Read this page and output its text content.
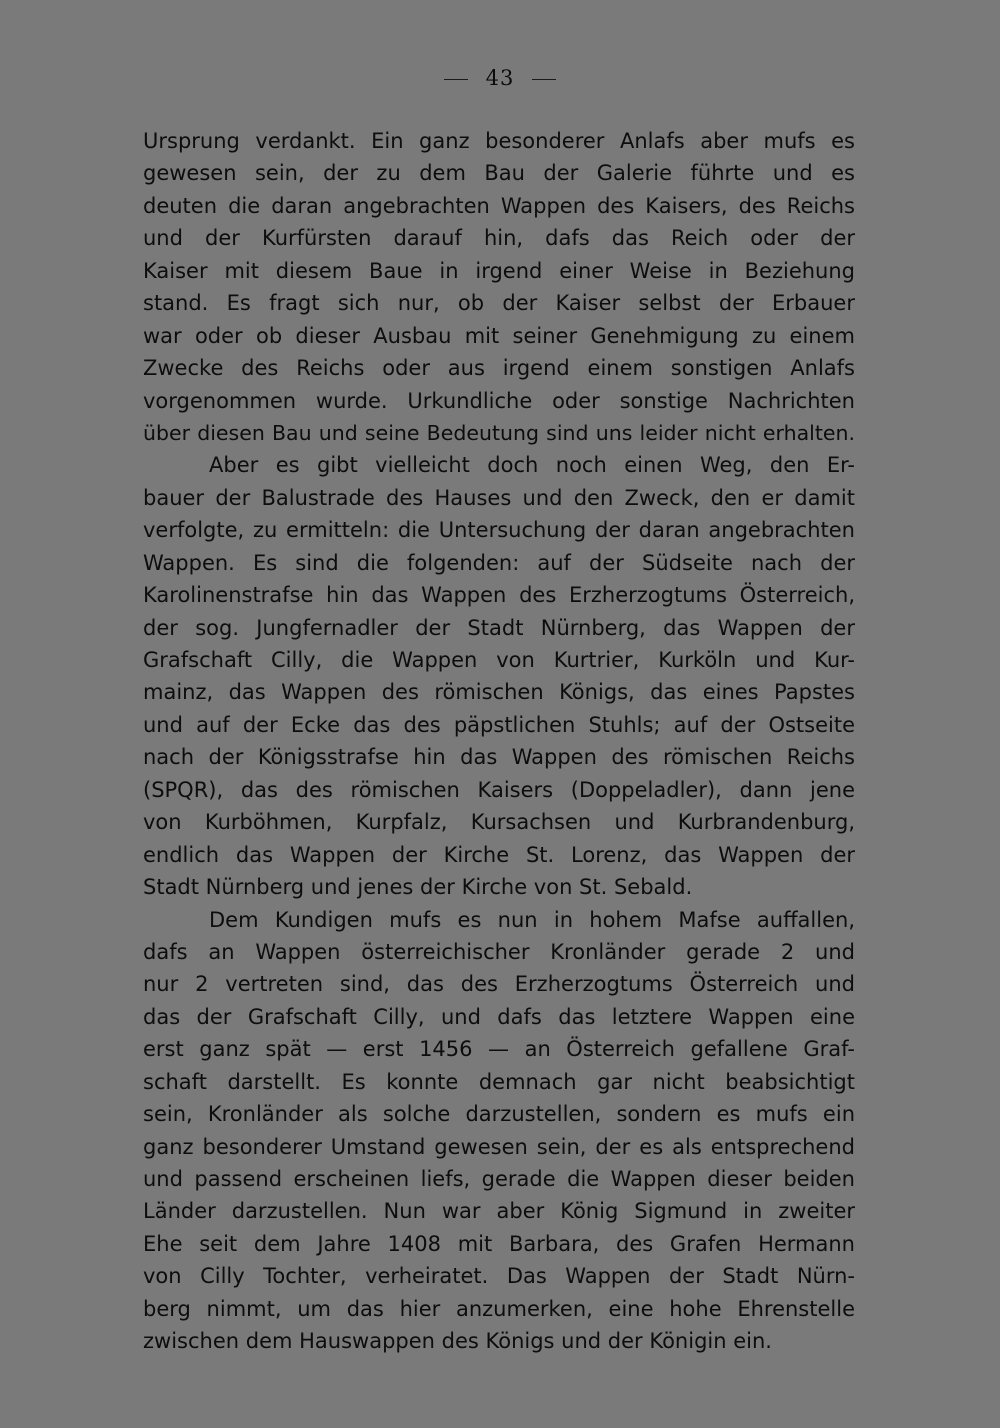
43
Ursprung verdankt. Ein ganz besonderer Anlafs aber mufs es
gewesen sein, der zu dem Bau der Galerie führte und es
deuten die daran angebrachten Wappen des Kaisers, des Reichs
und der Kurfürsten darauf hin, dafs das Reich oder der
Kaiser mit diesem Baue in irgend einer Weise in Beziehung
stand. Es fragt sich nur, ob der Kaiser selbst der Erbauer
war oder ob dieser Ausbau mit seiner Genehmigung zu einem
Zwecke des Reichs oder aus irgend einem sonstigen Anlafs
vorgenommen wurde. Urkundliche oder sonstige Nachrichten
über diesen Bau und seine Bedeutung sind uns leider nicht erhalten.
Aber es gibt vielleicht doch noch einen Weg, den Er-
bauer der Balustrade des Hauses und den Zweck, den er damit
verfolgte, zu ermitteln: die Untersuchung der daran angebrachten
Wappen. Es sind die folgenden: auf der Südseite nach der
Karolinenstrafse hin das Wappen des Erzherzogtums Österreich,
der sog. Jungfernadler der Stadt Nürnberg, das Wappen der
Grafschaft Cilly, die Wappen von Kurtrier, Kurköln und Kur-
mainz, das Wappen des römischen Königs, das eines Papstes
und auf der Ecke das des päpstlichen Stuhls; auf der Ostseite
nach der Königsstrafse hin das Wappen des römischen Reichs
(SPQR), das des römischen Kaisers (Doppeladler), dann jene
von Kurböhmen, Kurpfalz, Kursachsen und Kurbrandenburg,
endlich das Wappen der Kirche St. Lorenz, das Wappen der
Stadt Nürnberg und jenes der Kirche von St. Sebald.
Dem Kundigen mufs es nun in hohem Mafse auffallen,
dafs an Wappen österreichischer Kronländer gerade 2 und
nur 2 vertreten sind, das des Erzherzogtums Österreich und
das der Grafschaft Cilly, und dafs das letztere Wappen eine
erst ganz spät — erst 1456 — an Österreich gefallene Graf-
schaft darstellt. Es konnte demnach gar nicht beabsichtigt
sein, Kronländer als solche darzustellen, sondern es mufs ein
ganz besonderer Umstand gewesen sein, der es als entsprechend
und passend erscheinen liefs, gerade die Wappen dieser beiden
Länder darzustellen. Nun war aber König Sigmund in zweiter
Ehe seit dem Jahre 1408 mit Barbara, des Grafen Hermann
von Cilly Tochter, verheiratet. Das Wappen der Stadt Nürn-
berg nimmt, um das hier anzumerken, eine hohe Ehrenstelle
zwischen dem Hauswappen des Königs und der Königin ein.
